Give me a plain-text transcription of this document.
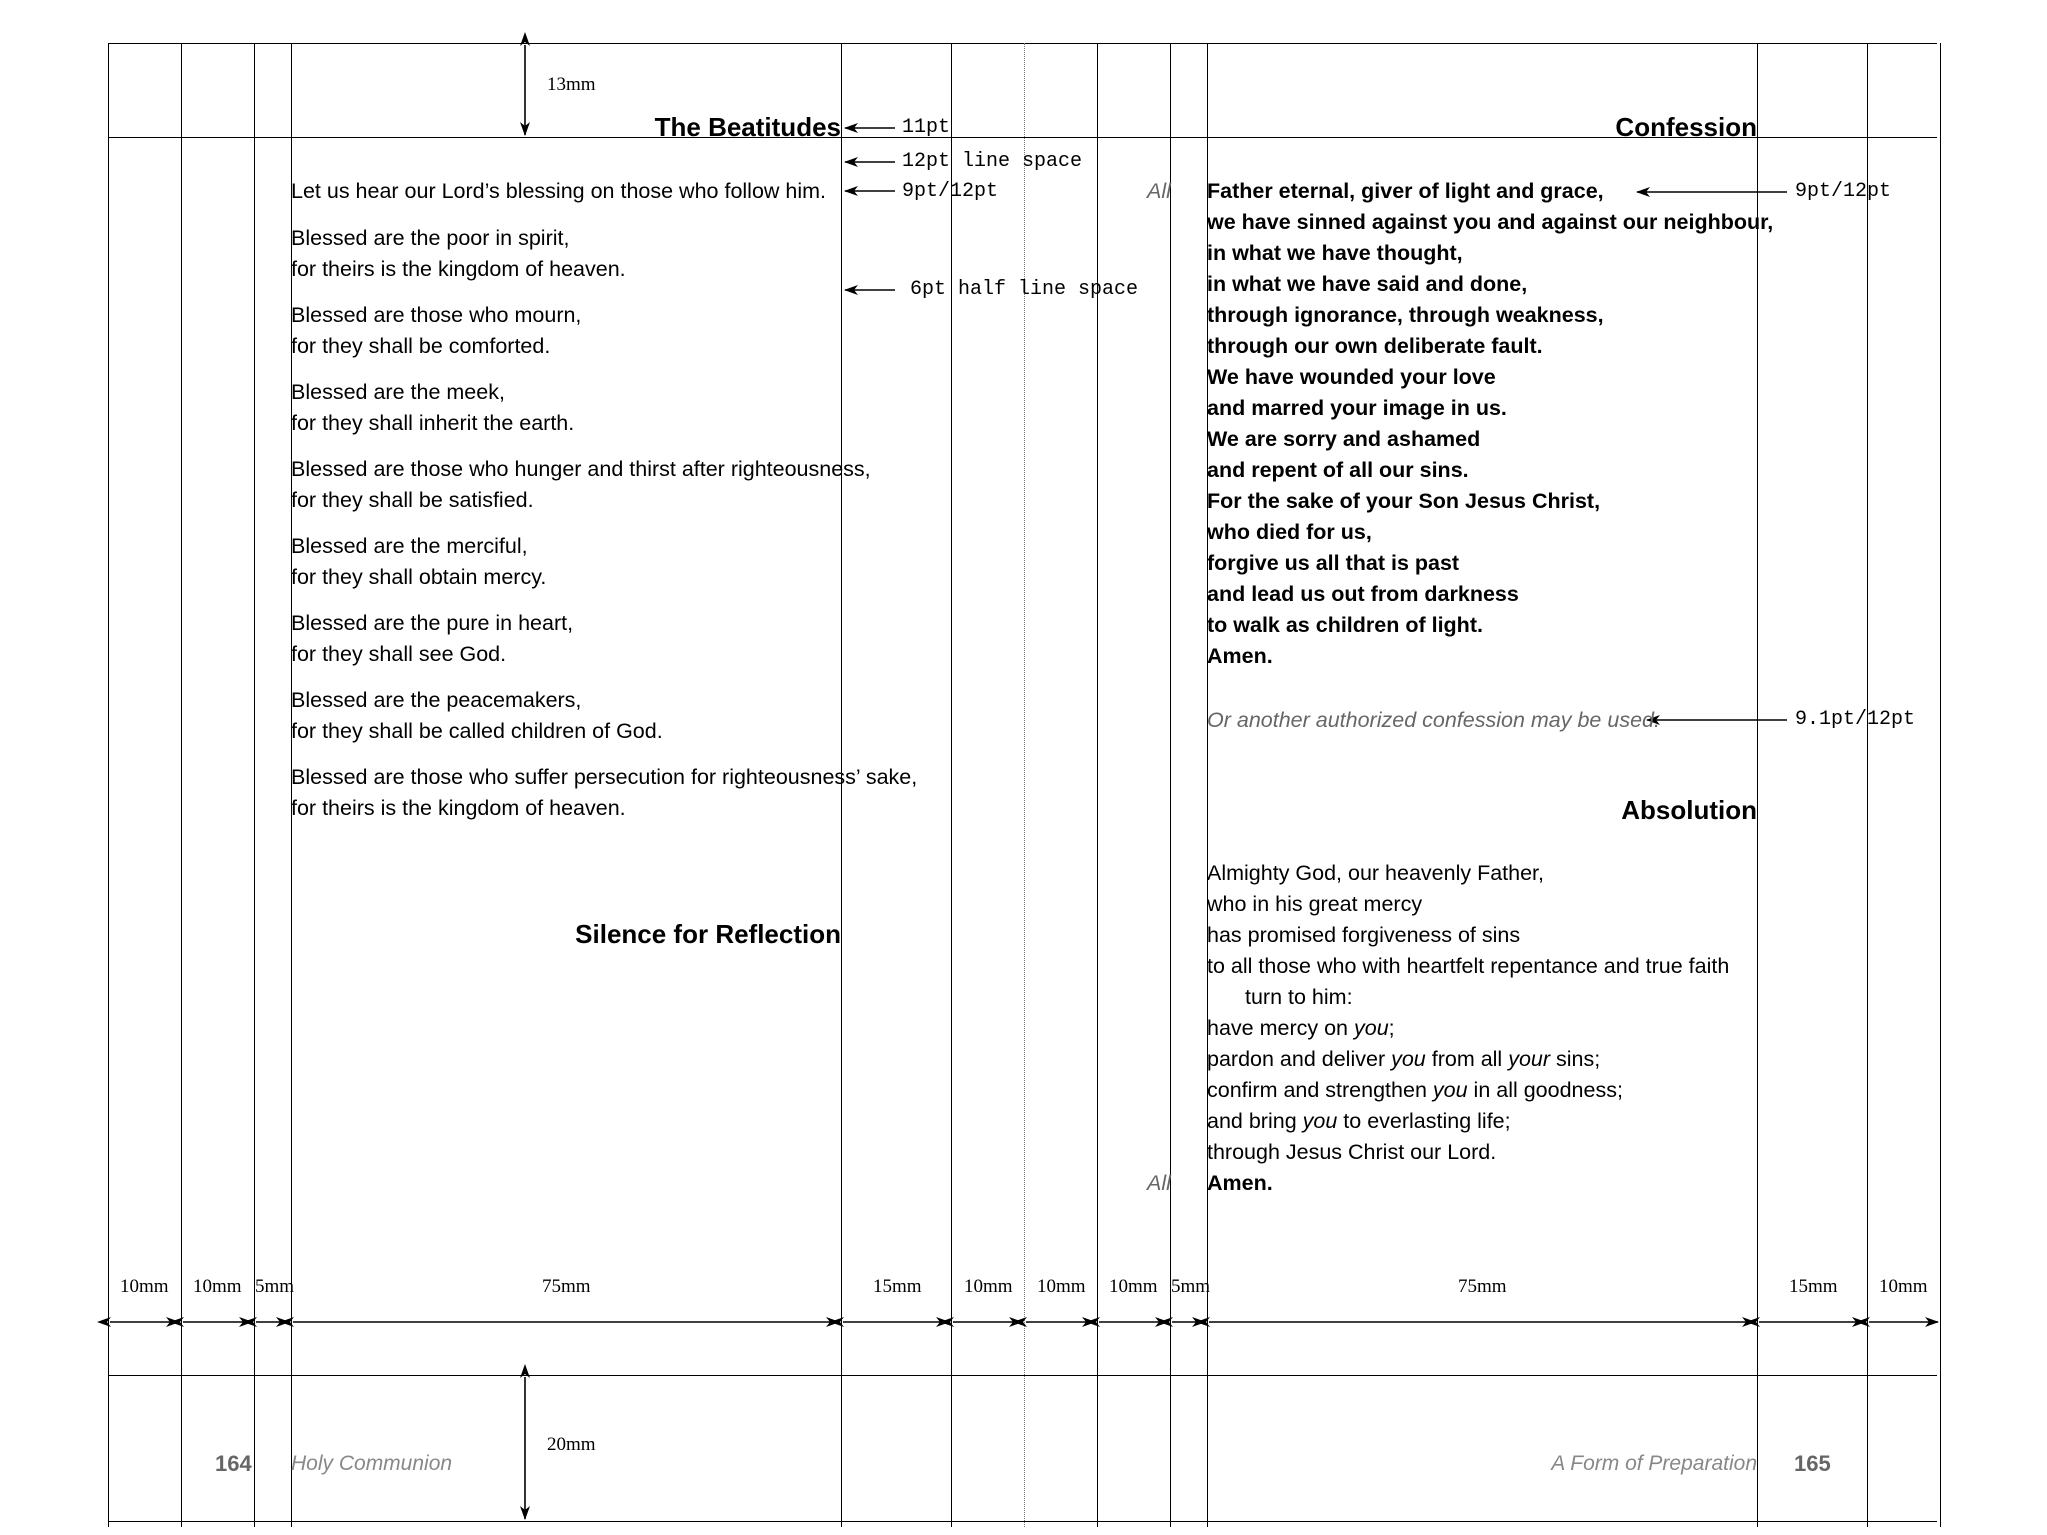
13mm
11pt
12pt line space
9pt/12pt
6pt half line space
9pt/12pt
9.1pt/12pt
20mm
10mm 10mm 5mm	75mm	15mm 10mm 10mm 10mm 5mm	75mm	15mm 10mm
The Beatitudes
Let us hear our Lord’s blessing on those who follow him.
Blessed are the poor in spirit,
for theirs is the kingdom of heaven.
Blessed are those who mourn,
for they shall be comforted.
Blessed are the meek,
for they shall inherit the earth.
Blessed are those who hunger and thirst after righteousness,
for they shall be satisfied.
Blessed are the merciful,
for they shall obtain mercy.
Blessed are the pure in heart,
for they shall see God.
Blessed are the peacemakers,
for they shall be called children of God.
Blessed are those who suffer persecution for righteousness’ sake,
for theirs is the kingdom of heaven.
Silence for Reflection
164 Holy Communion
Confession
All Father eternal, giver of light and grace,
we have sinned against you and against our neighbour,
in what we have thought,
in what we have said and done,
through ignorance, through weakness,
through our own deliberate fault.
We have wounded your love
and marred your image in us.
We are sorry and ashamed
and repent of all our sins.
For the sake of your Son Jesus Christ,
who died for us,
forgive us all that is past
and lead us out from darkness
to walk as children of light.
Amen.
Or another authorized confession may be used.
Absolution
Almighty God, our heavenly Father,
who in his great mercy
has promised forgiveness of sins
to all those who with heartfelt repentance and true faith
turn to him:
have mercy on you;
pardon and deliver you from all your sins;
confirm and strengthen you in all goodness;
and bring you to everlasting life;
through Jesus Christ our Lord.
All Amen.
A Form of Preparation 165
